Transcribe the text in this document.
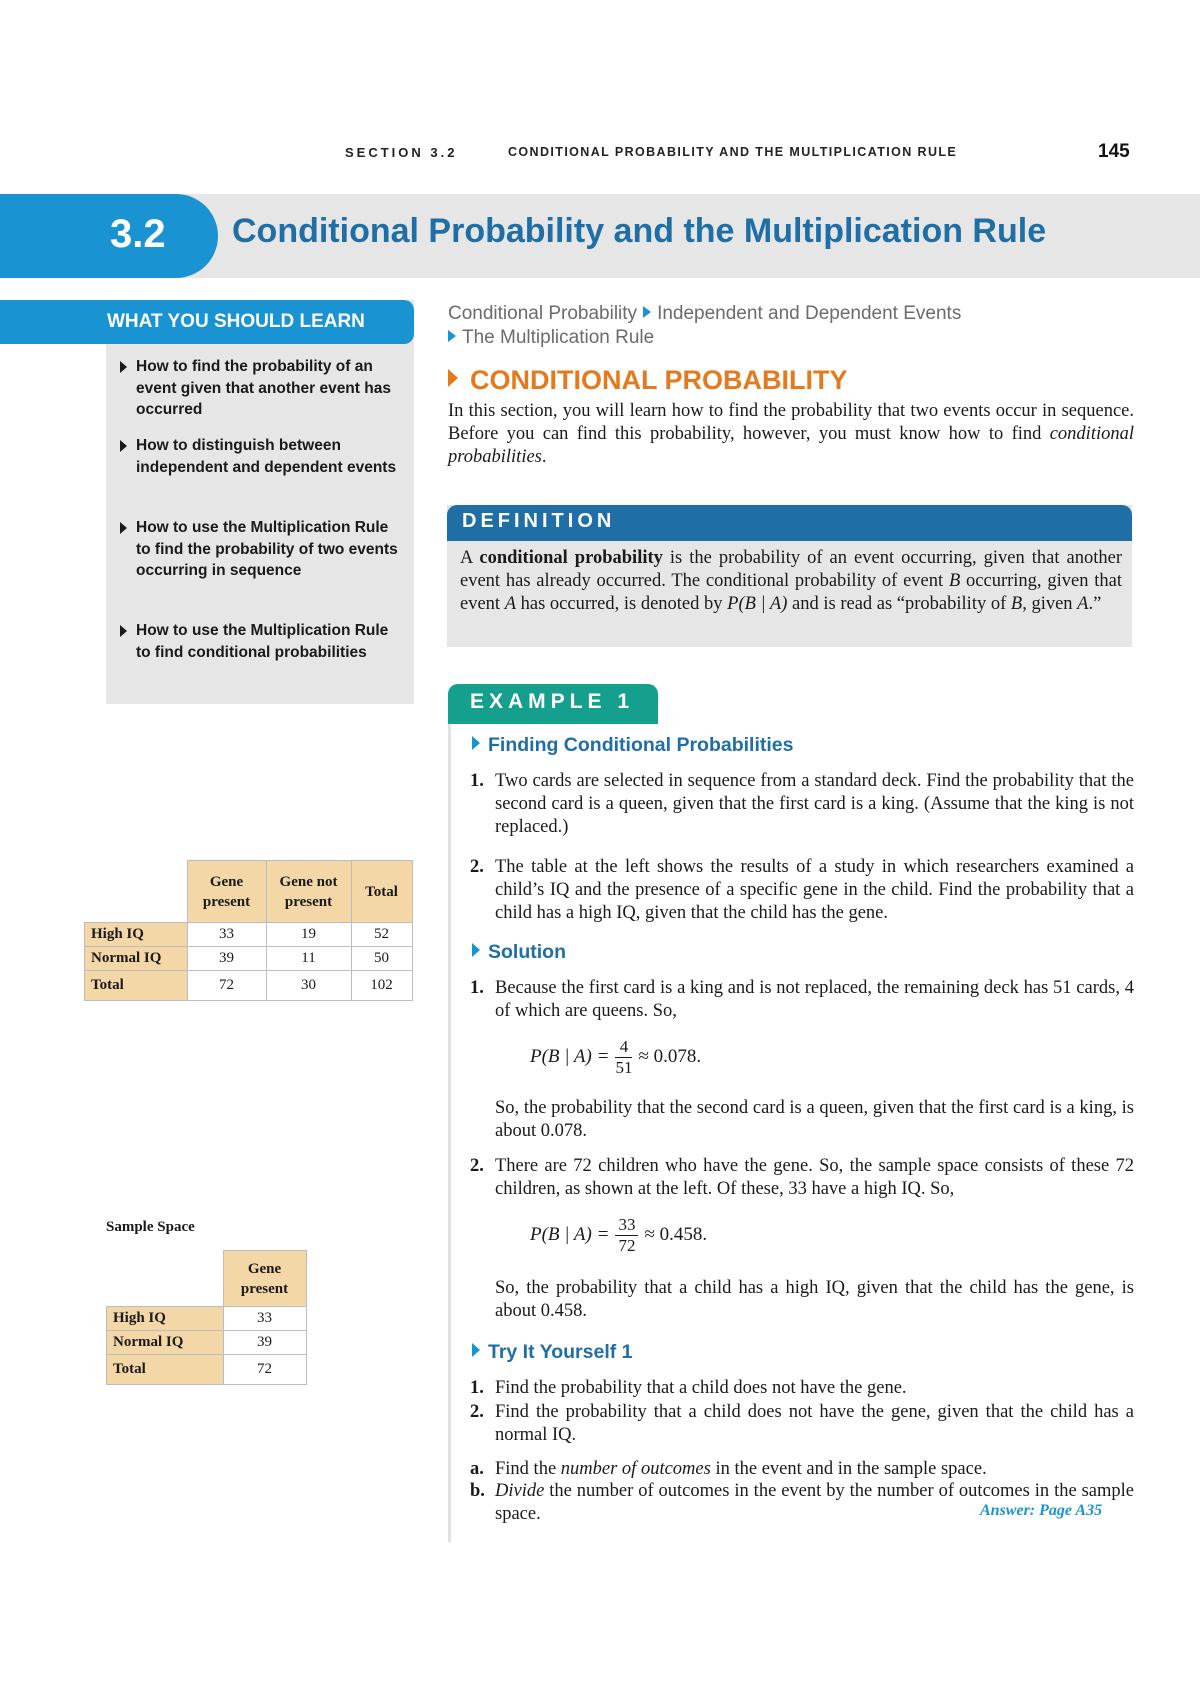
SECTION 3.2	CONDITIONAL PROBABILITY AND THE MULTIPLICATION RULE	145
3.2 Conditional Probability and the Multiplication Rule
WHAT YOU SHOULD LEARN
How to find the probability of an event given that another event has occurred
How to distinguish between independent and dependent events
How to use the Multiplication Rule to find the probability of two events occurring in sequence
How to use the Multiplication Rule to find conditional probabilities
	Gene present	Gene not present	Total
High IQ	33	19	52
Normal IQ	39	11	50
Total	72	30	102
Sample Space
	Gene present
High IQ	33
Normal IQ	39
Total	72
Conditional Probability Independent and Dependent Events
The Multiplication Rule
CONDITIONAL PROBABILITY
In this section, you will learn how to find the probability that two events occur in sequence. Before you can find this probability, however, you must know how to find conditional probabilities.
DEFINITION
A conditional probability is the probability of an event occurring, given that another event has already occurred. The conditional probability of event B occurring, given that event A has occurred, is denoted by P(B | A) and is read as “probability of B, given A.”
EXAMPLE 1
Finding Conditional Probabilities
1. Two cards are selected in sequence from a standard deck. Find the probability that the second card is a queen, given that the first card is a king. (Assume that the king is not replaced.)
2. The table at the left shows the results of a study in which researchers examined a child’s IQ and the presence of a specific gene in the child. Find the probability that a child has a high IQ, given that the child has the gene.
Solution
1. Because the first card is a king and is not replaced, the remaining deck has 51 cards, 4 of which are queens. So,
P(B | $A) = \frac{4}{51} \approx 0.078$.
So, the probability that the second card is a queen, given that the first card is a king, is about 0.078.
2. There are 72 children who have the gene. So, the sample space consists of these 72 children, as shown at the left. Of these, 33 have a high IQ. So,
P(B | $A) = \frac{33}{72} \approx 0.458$.
So, the probability that a child has a high IQ, given that the child has the gene, is about 0.458.
Try It Yourself 1
1. Find the probability that a child does not have the gene.
2. Find the probability that a child does not have the gene, given that the child has a normal IQ.
a. Find the number of outcomes in the event and in the sample space.
b. Divide the number of outcomes in the event by the number of outcomes in the sample space.	Answer: Page A35
